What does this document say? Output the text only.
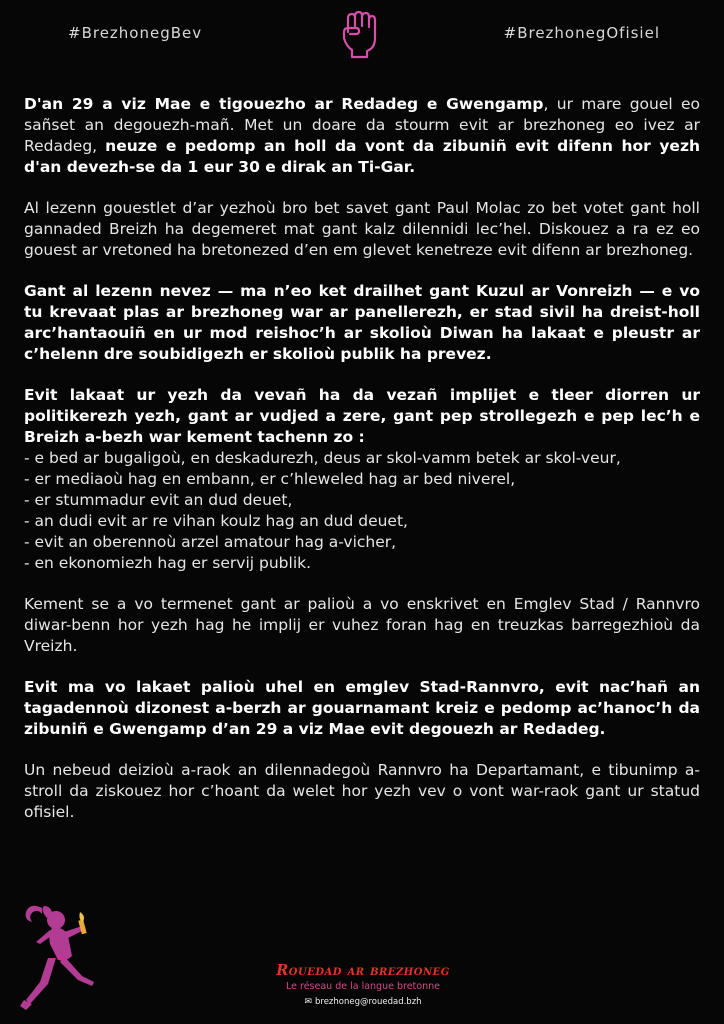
#BrezhonegBev	#BrezhonegOfisiel

D'an 29 a viz Mae e tigouezho ar Redadeg e Gwengamp, ur mare gouel eo sañset an degouezh-mañ. Met un doare da stourm evit ar brezhoneg eo ivez ar Redadeg, neuze e pedomp an holl da vont da zibuniñ evit difenn hor yezh d'an devezh-se da 1 eur 30 e dirak an Ti-Gar.

Al lezenn gouestlet d’ar yezhoù bro bet savet gant Paul Molac zo bet votet gant holl gannaded Breizh ha degemeret mat gant kalz dilennidi lec’hel. Diskouez a ra ez eo gouest ar vretoned ha bretonezed d’en em glevet kenetreze evit difenn ar brezhoneg.

Gant al lezenn nevez — ma n’eo ket drailhet gant Kuzul ar Vonreizh — e vo tu krevaat plas ar brezhoneg war ar panellerezh, er stad sivil ha dreist-holl arc’hantaouiñ en ur mod reishoc’h ar skolioù Diwan ha lakaat e pleustr ar c’helenn dre soubidigezh er skolioù publik ha prevez.

Evit lakaat ur yezh da vevañ ha da vezañ implijet e tleer diorren ur politikerezh yezh, gant ar vudjed a zere, gant pep strollegezh e pep lec’h e Breizh a-bezh war kement tachenn zo :
- e bed ar bugaligoù, en deskadurezh, deus ar skol-vamm betek ar skol-veur,
- er mediaoù hag en embann, er c’hleweled hag ar bed niverel,
- er stummadur evit an dud deuet,
- an dudi evit ar re vihan koulz hag an dud deuet,
- evit an oberennoù arzel amatour hag a-vicher,
- en ekonomiezh hag er servij publik.

Kement se a vo termenet gant ar palioù a vo enskrivet en Emglev Stad / Rannvro diwar-benn hor yezh hag he implij er vuhez foran hag en treuzkas barregezhioù da Vreizh.

Evit ma vo lakaet palioù uhel en emglev Stad-Rannvro, evit nac’hañ an tagadennoù dizonest a-berzh ar gouarnamant kreiz e pedomp ac’hanoc’h da zibuniñ e Gwengamp d’an 29 a viz Mae evit degouezh ar Redadeg.

Un nebeud deizioù a-raok an dilennadegoù Rannvro ha Departamant, e tibunimp a-stroll da ziskouez hor c’hoant da welet hor yezh vev o vont war-raok gant ur statud ofisiel.

Rouedad ar brezhoneg
Le réseau de la langue bretonne
✉ brezhoneg@rouedad.bzh
